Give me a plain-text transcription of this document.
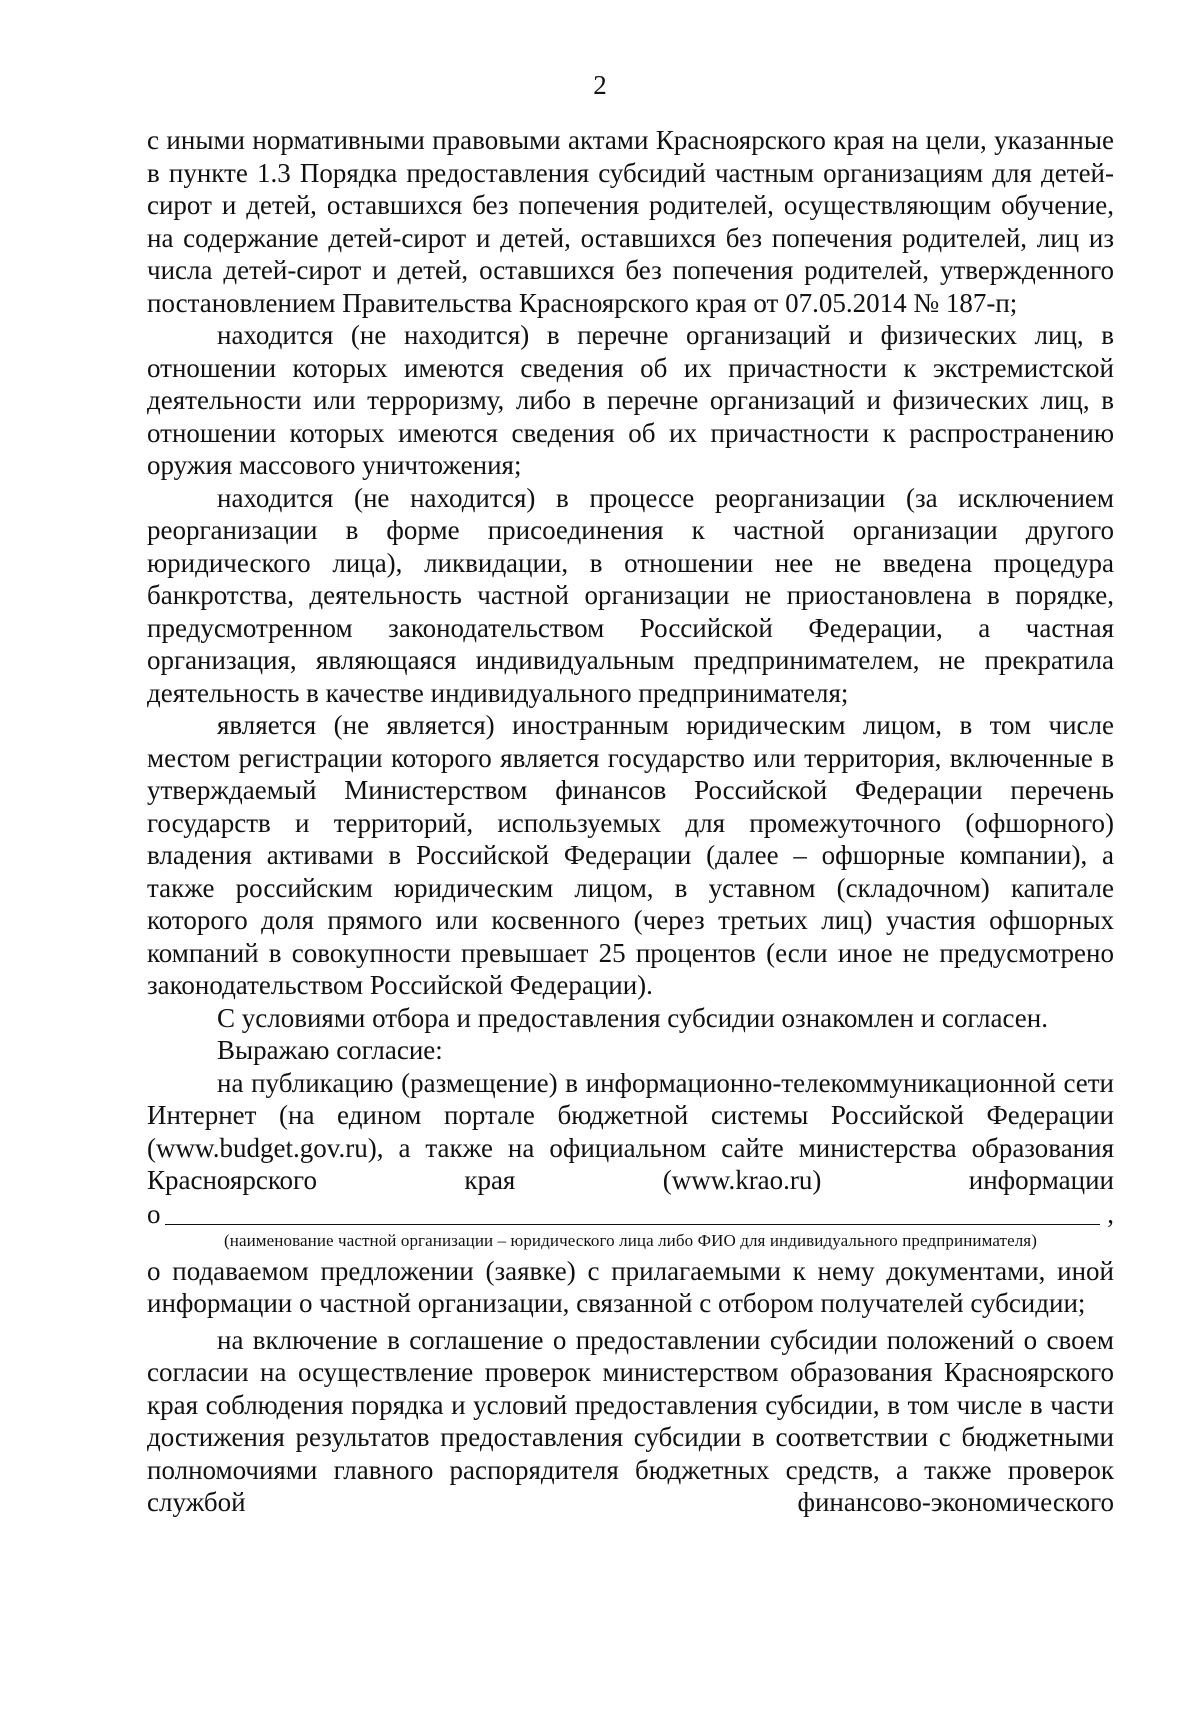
2

с иными нормативными правовыми актами Красноярского края на цели, указанные в пункте 1.3 Порядка предоставления субсидий частным организациям для детей-сирот и детей, оставшихся без попечения родителей, осуществляющим обучение, на содержание детей-сирот и детей, оставшихся без попечения родителей, лиц из числа детей-сирот и детей, оставшихся без попечения родителей, утвержденного постановлением Правительства Красноярского края от 07.05.2014 № 187-п;

находится (не находится) в перечне организаций и физических лиц, в отношении которых имеются сведения об их причастности к экстремистской деятельности или терроризму, либо в перечне организаций и физических лиц, в отношении которых имеются сведения об их причастности к распространению оружия массового уничтожения;

находится (не находится) в процессе реорганизации (за исключением реорганизации в форме присоединения к частной организации другого юридического лица), ликвидации, в отношении нее не введена процедура банкротства, деятельность частной организации не приостановлена в порядке, предусмотренном законодательством Российской Федерации, а частная организация, являющаяся индивидуальным предпринимателем, не прекратила деятельность в качестве индивидуального предпринимателя;

является (не является) иностранным юридическим лицом, в том числе местом регистрации которого является государство или территория, включенные в утверждаемый Министерством финансов Российской Федерации перечень государств и территорий, используемых для промежуточного (офшорного) владения активами в Российской Федерации (далее – офшорные компании), а также российским юридическим лицом, в уставном (складочном) капитале которого доля прямого или косвенного (через третьих лиц) участия офшорных компаний в совокупности превышает 25 процентов (если иное не предусмотрено законодательством Российской Федерации).

С условиями отбора и предоставления субсидии ознакомлен и согласен.

Выражаю согласие:

на публикацию (размещение) в информационно-телекоммуникационной сети Интернет (на едином портале бюджетной системы Российской Федерации (www.budget.gov.ru), а также на официальном сайте министерства образования Красноярского края (www.krao.ru) информации

о	,
(наименование частной организации – юридического лица либо ФИО для индивидуального предпринимателя)

о подаваемом предложении (заявке) с прилагаемыми к нему документами, иной информации о частной организации, связанной с отбором получателей субсидии;

на включение в соглашение о предоставлении субсидии положений о своем согласии на осуществление проверок министерством образования Красноярского края соблюдения порядка и условий предоставления субсидии, в том числе в части достижения результатов предоставления субсидии в соответствии с бюджетными полномочиями главного распорядителя бюджетных средств, а также проверок службой финансово-экономического
